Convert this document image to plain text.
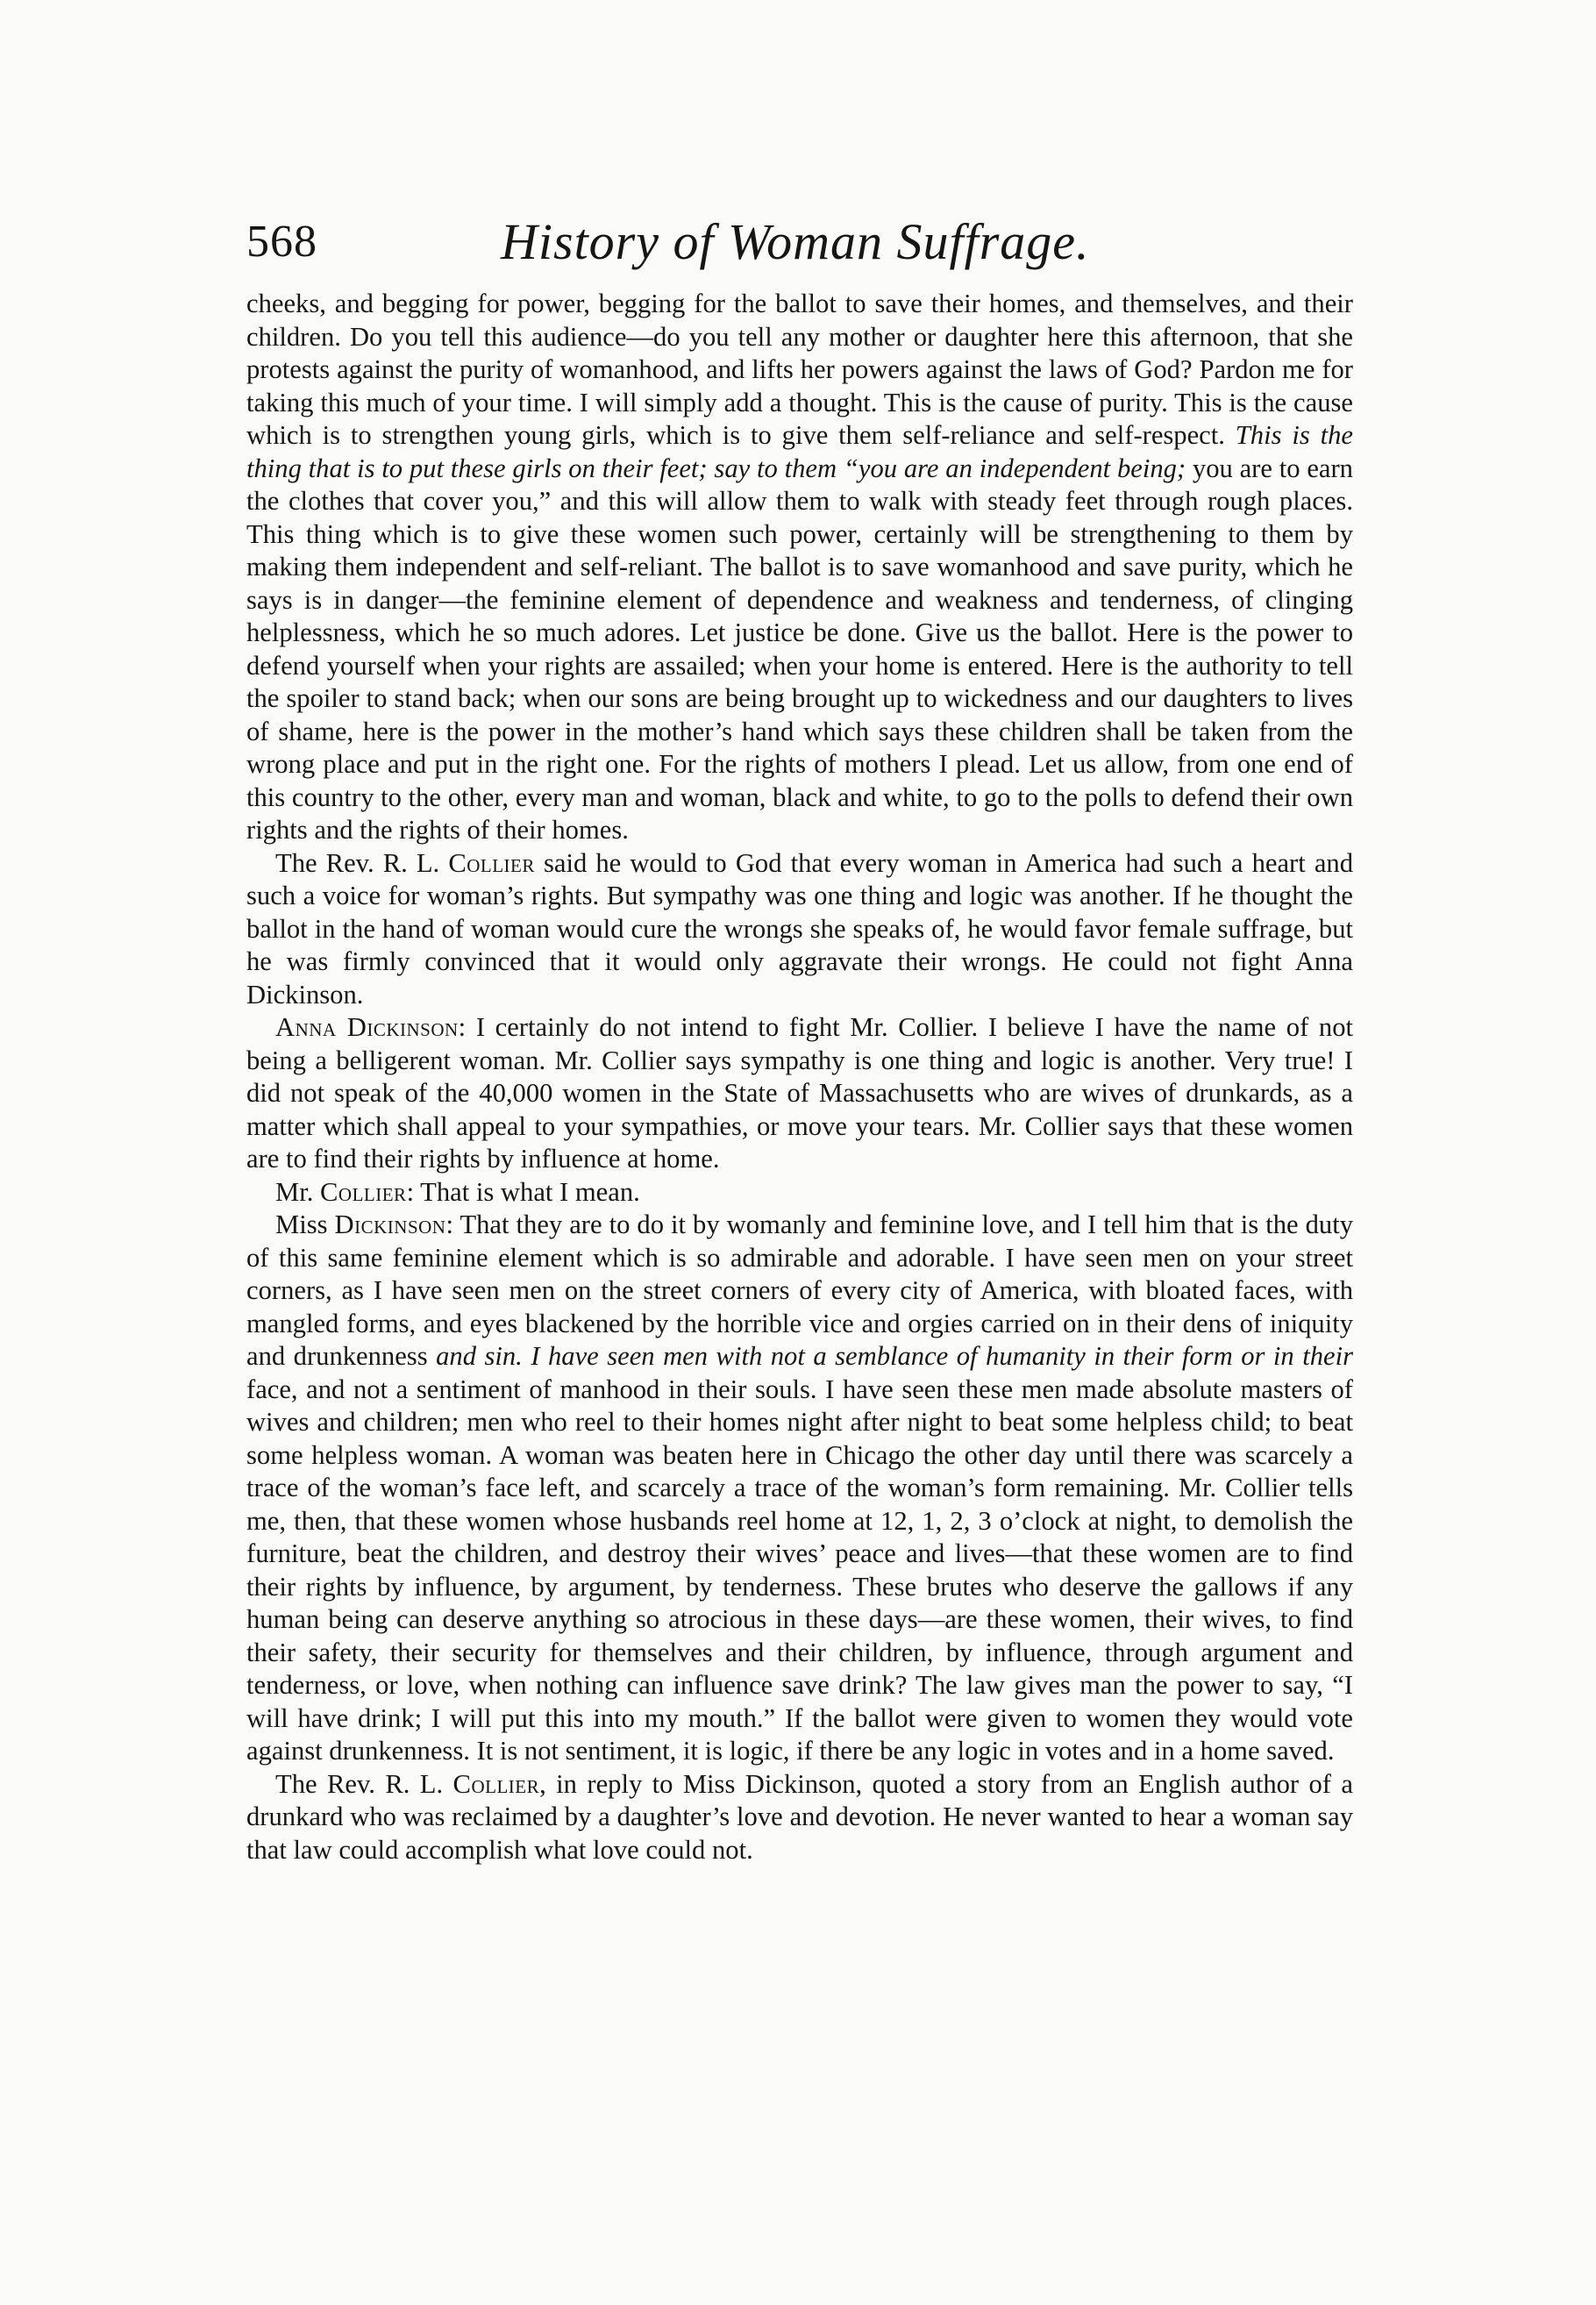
568	History of Woman Suffrage.

cheeks, and begging for power, begging for the ballot to save their homes, and themselves, and their children. Do you tell this audience—do you tell any mother or daughter here this afternoon, that she protests against the purity of womanhood, and lifts her powers against the laws of God? Pardon me for taking this much of your time. I will simply add a thought. This is the cause of purity. This is the cause which is to strengthen young girls, which is to give them self-reliance and self-respect. This is the thing that is to put these girls on their feet; say to them “you are an independent being; you are to earn the clothes that cover you,” and this will allow them to walk with steady feet through rough places. This thing which is to give these women such power, certainly will be strengthening to them by making them independent and self-reliant. The ballot is to save womanhood and save purity, which he says is in danger—the feminine element of dependence and weakness and tenderness, of clinging helplessness, which he so much adores. Let justice be done. Give us the ballot. Here is the power to defend yourself when your rights are assailed; when your home is entered. Here is the authority to tell the spoiler to stand back; when our sons are being brought up to wickedness and our daughters to lives of shame, here is the power in the mother’s hand which says these children shall be taken from the wrong place and put in the right one. For the rights of mothers I plead. Let us allow, from one end of this country to the other, every man and woman, black and white, to go to the polls to defend their own rights and the rights of their homes.

The Rev. R. L. Collier said he would to God that every woman in America had such a heart and such a voice for woman’s rights. But sympathy was one thing and logic was another. If he thought the ballot in the hand of woman would cure the wrongs she speaks of, he would favor female suffrage, but he was firmly convinced that it would only aggravate their wrongs. He could not fight Anna Dickinson.

Anna Dickinson: I certainly do not intend to fight Mr. Collier. I believe I have the name of not being a belligerent woman. Mr. Collier says sympathy is one thing and logic is another. Very true! I did not speak of the 40,000 women in the State of Massachusetts who are wives of drunkards, as a matter which shall appeal to your sympathies, or move your tears. Mr. Collier says that these women are to find their rights by influence at home.

Mr. Collier: That is what I mean.

Miss Dickinson: That they are to do it by womanly and feminine love, and I tell him that is the duty of this same feminine element which is so admirable and adorable. I have seen men on your street corners, as I have seen men on the street corners of every city of America, with bloated faces, with mangled forms, and eyes blackened by the horrible vice and orgies carried on in their dens of iniquity and drunkenness and sin. I have seen men with not a semblance of humanity in their form or in their face, and not a sentiment of manhood in their souls. I have seen these men made absolute masters of wives and children; men who reel to their homes night after night to beat some helpless child; to beat some helpless woman. A woman was beaten here in Chicago the other day until there was scarcely a trace of the woman’s face left, and scarcely a trace of the woman’s form remaining. Mr. Collier tells me, then, that these women whose husbands reel home at 12, 1, 2, 3 o’clock at night, to demolish the furniture, beat the children, and destroy their wives’ peace and lives—that these women are to find their rights by influence, by argument, by tenderness. These brutes who deserve the gallows if any human being can deserve anything so atrocious in these days—are these women, their wives, to find their safety, their security for themselves and their children, by influence, through argument and tenderness, or love, when nothing can influence save drink? The law gives man the power to say, “I will have drink; I will put this into my mouth.” If the ballot were given to women they would vote against drunkenness. It is not sentiment, it is logic, if there be any logic in votes and in a home saved.

The Rev. R. L. Collier, in reply to Miss Dickinson, quoted a story from an English author of a drunkard who was reclaimed by a daughter’s love and devotion. He never wanted to hear a woman say that law could accomplish what love could not.
